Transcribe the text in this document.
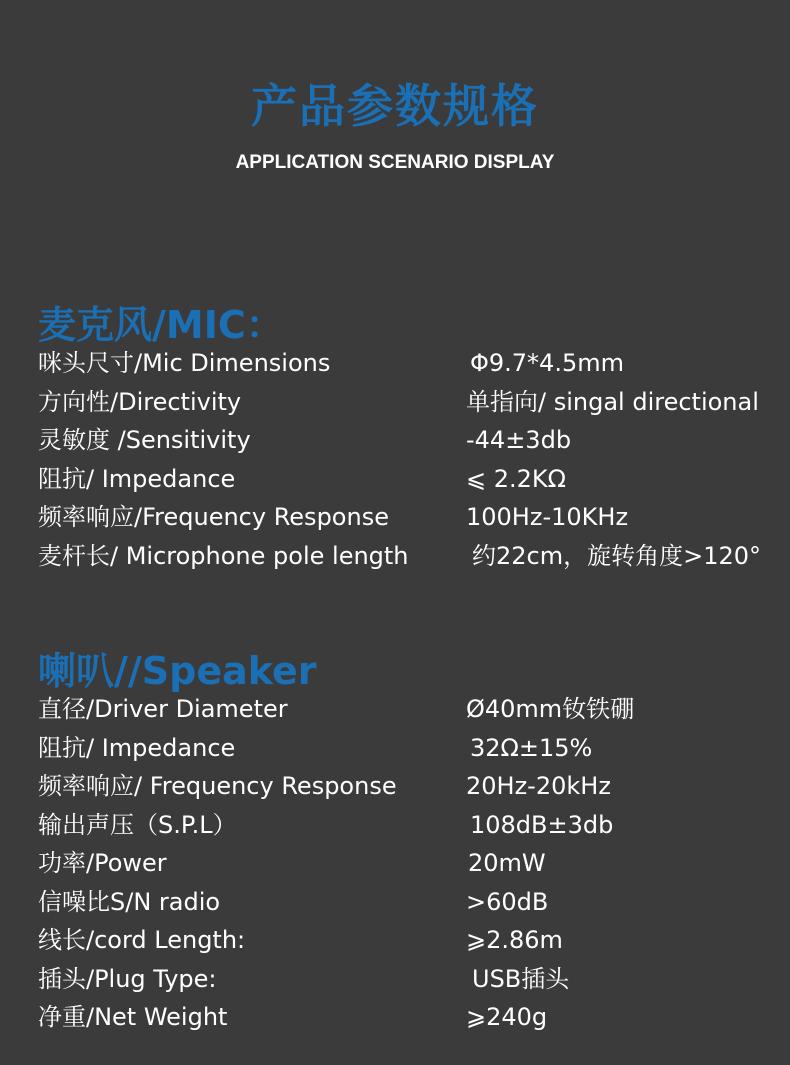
产品参数规格
APPLICATION SCENARIO DISPLAY
麦克风/MIC：
咪头尺寸/Mic Dimensions	Φ9.7*4.5mm
方向性/Directivity	单指向/ singal directional
灵敏度 /Sensitivity	-44±3db
阻抗/ Impedance	⩽ 2.2KΩ
频率响应/Frequency Response	100Hz-10KHz
麦杆长/ Microphone pole length	约22cm，旋转角度>120°
喇叭//Speaker
直径/Driver Diameter	Ø40mm钕铁硼
阻抗/ Impedance	32Ω±15%
频率响应/ Frequency Response	20Hz-20kHz
输出声压（S.P.L）	108dB±3db
功率/Power	20mW
信噪比S/N radio	>60dB
线长/cord Length:	⩾2.86m
插头/Plug Type:	USB插头
净重/Net Weight	⩾240g
